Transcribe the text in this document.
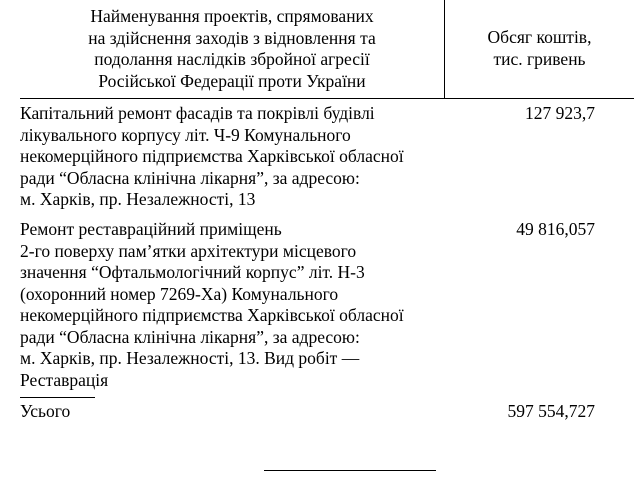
Найменування проектів, спрямованих
на здійснення заходів з відновлення та
подолання наслідків збройної агресії
Російської Федерації проти України
Обсяг коштів,
тис. гривень
Капітальний ремонт фасадів та покрівлі будівлі
лікувального корпусу літ. Ч-9 Комунального
некомерційного підприємства Харківської обласної
ради “Обласна клінічна лікарня”, за адресою:
м. Харків, пр. Незалежності, 13
127 923,7
Ремонт реставраційний приміщень
2-го поверху пам’ятки архітектури місцевого
значення “Офтальмологічний корпус” літ. Н-3
(охоронний номер 7269-Ха) Комунального
некомерційного підприємства Харківської обласної
ради “Обласна клінічна лікарня”, за адресою:
м. Харків, пр. Незалежності, 13. Вид робіт —
Реставрація
49 816,057
Усього	597 554,727
